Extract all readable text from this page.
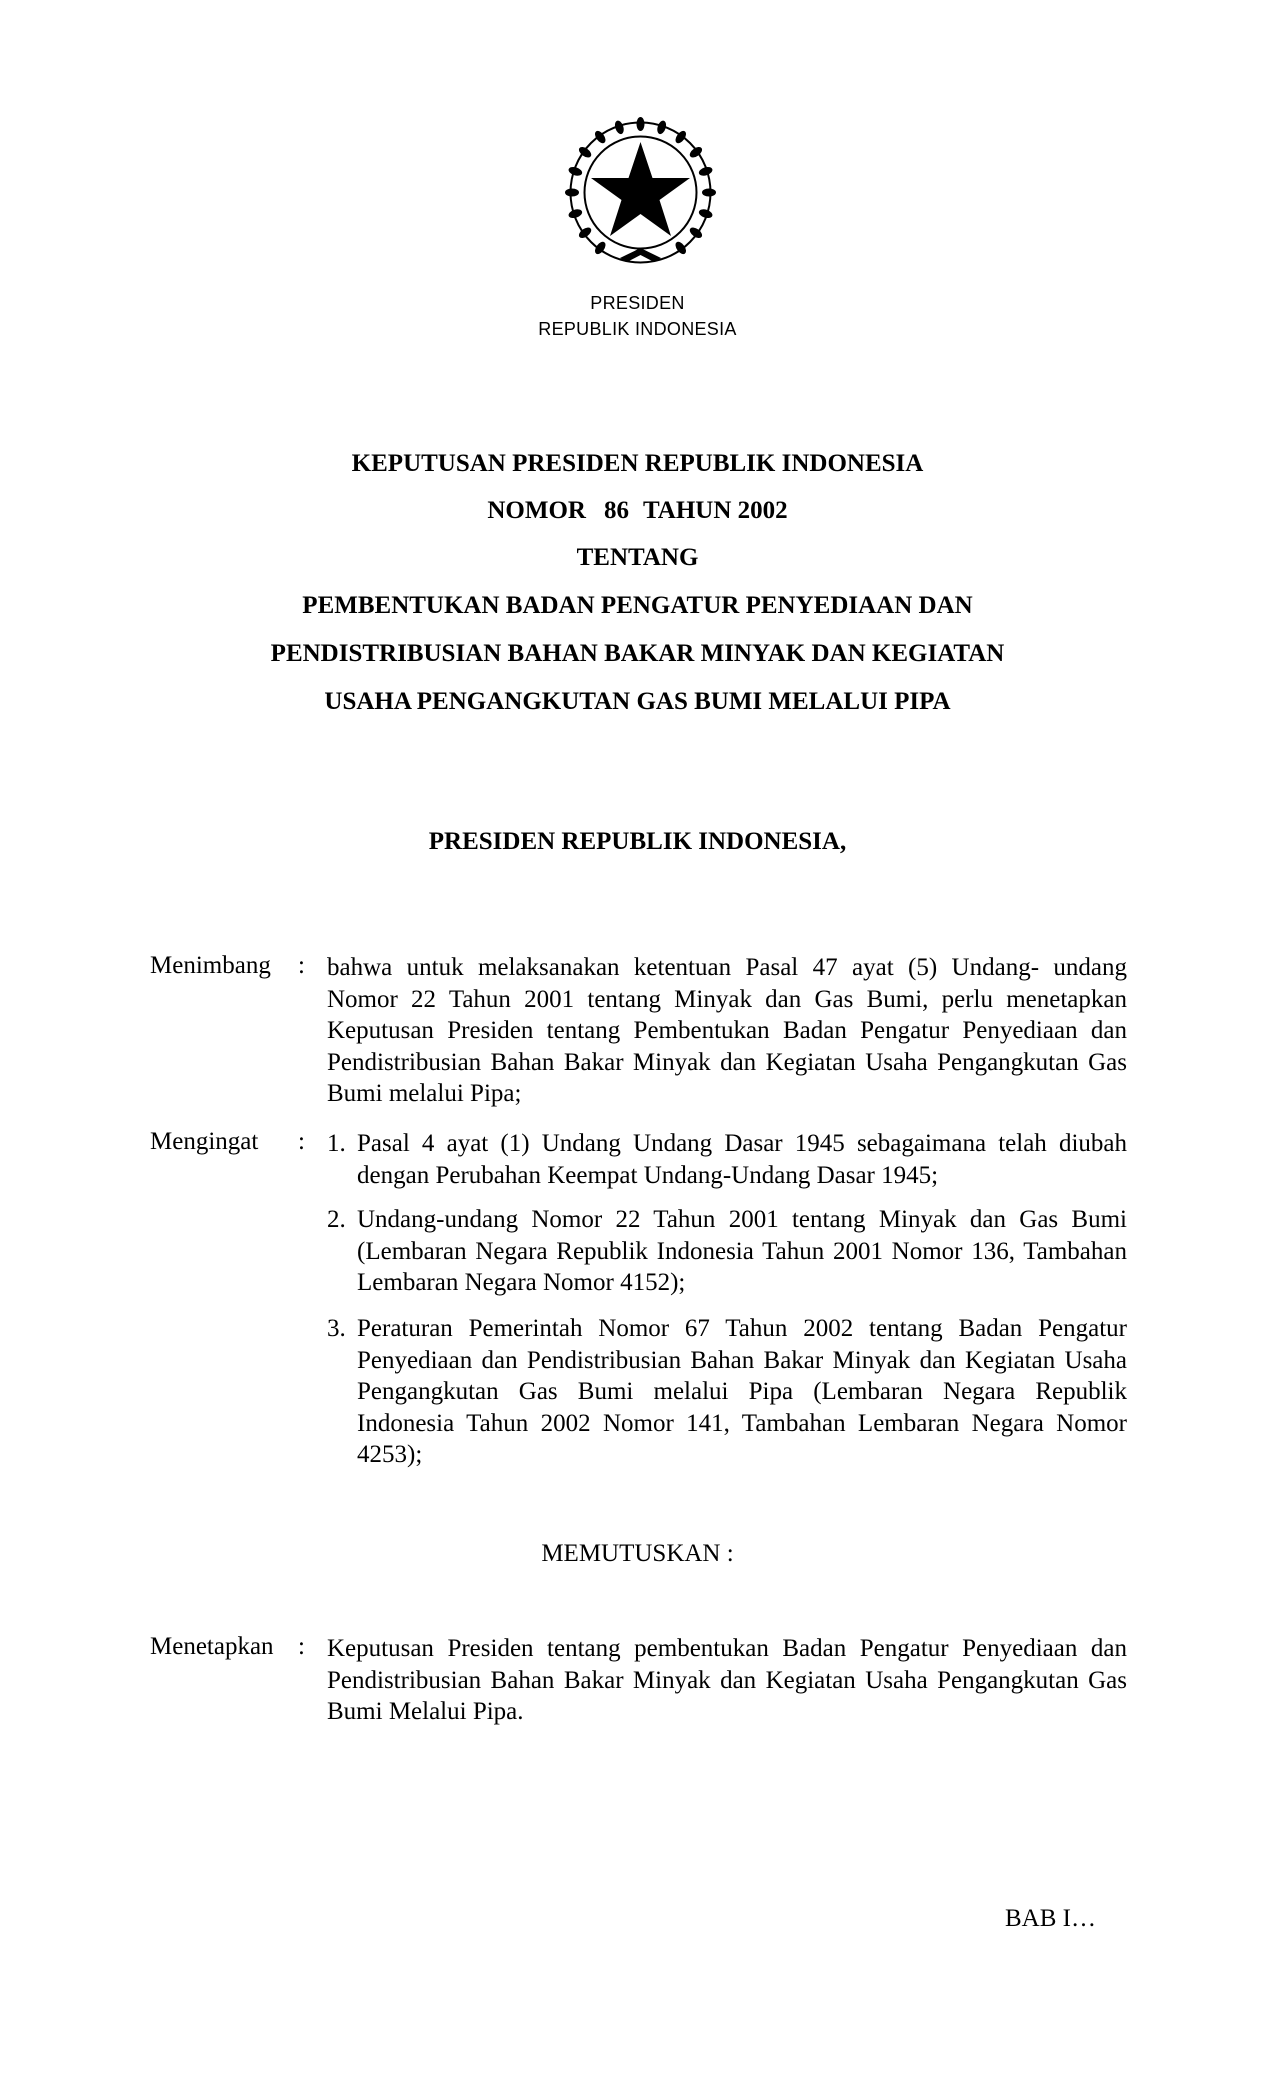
PRESIDEN
REPUBLIK INDONESIA
KEPUTUSAN PRESIDEN REPUBLIK INDONESIA
NOMOR 86 TAHUN 2002
TENTANG
PEMBENTUKAN BADAN PENGATUR PENYEDIAAN DAN
PENDISTRIBUSIAN BAHAN BAKAR MINYAK DAN KEGIATAN
USAHA PENGANGKUTAN GAS BUMI MELALUI PIPA
PRESIDEN REPUBLIK INDONESIA,
Menimbang : bahwa untuk melaksanakan ketentuan Pasal 47 ayat (5) Undang- undang Nomor 22 Tahun 2001 tentang Minyak dan Gas Bumi, perlu menetapkan Keputusan Presiden tentang Pembentukan Badan Pengatur Penyediaan dan Pendistribusian Bahan Bakar Minyak dan Kegiatan Usaha Pengangkutan Gas Bumi melalui Pipa;
Mengingat : 1. Pasal 4 ayat (1) Undang Undang Dasar 1945 sebagaimana telah diubah dengan Perubahan Keempat Undang-Undang Dasar 1945;
2. Undang-undang Nomor 22 Tahun 2001 tentang Minyak dan Gas Bumi (Lembaran Negara Republik Indonesia Tahun 2001 Nomor 136, Tambahan Lembaran Negara Nomor 4152);
3. Peraturan Pemerintah Nomor 67 Tahun 2002 tentang Badan Pengatur Penyediaan dan Pendistribusian Bahan Bakar Minyak dan Kegiatan Usaha Pengangkutan Gas Bumi melalui Pipa (Lembaran Negara Republik Indonesia Tahun 2002 Nomor 141, Tambahan Lembaran Negara Nomor 4253);
MEMUTUSKAN :
Menetapkan : Keputusan Presiden tentang pembentukan Badan Pengatur Penyediaan dan Pendistribusian Bahan Bakar Minyak dan Kegiatan Usaha Pengangkutan Gas Bumi Melalui Pipa.
BAB I…
